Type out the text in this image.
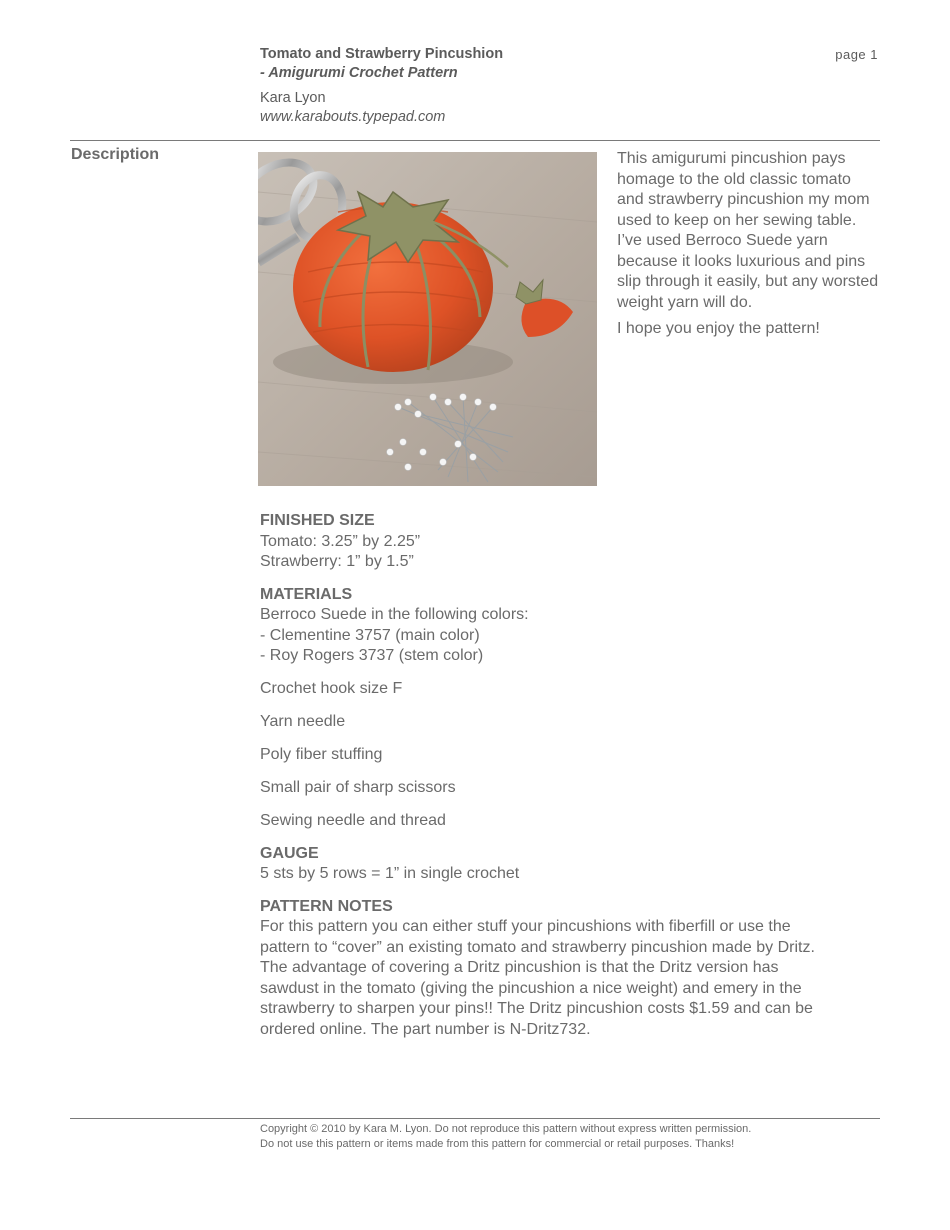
Tomato and Strawberry Pincushion
- Amigurumi Crochet Pattern
Kara Lyon
www.karabouts.typepad.com
page 1
Description	This amigurumi pincushion pays homage to the old classic tomato and strawberry pincushion my mom used to keep on her sewing table. I’ve used Berroco Suede yarn because it looks luxurious and pins slip through it easily, but any worsted weight yarn will do.

I hope you enjoy the pattern!

FINISHED SIZE
Tomato: 3.25” by 2.25”
Strawberry: 1” by 1.5”
MATERIALS
Berroco Suede in the following colors:
- Clementine 3757 (main color)
- Roy Rogers 3737 (stem color)
Crochet hook size F
Yarn needle
Poly fiber stuffing
Small pair of sharp scissors
Sewing needle and thread
GAUGE
5 sts by 5 rows = 1” in single crochet
PATTERN NOTES
For this pattern you can either stuff your pincushions with fiberfill or use the
pattern to “cover” an existing tomato and strawberry pincushion made by Dritz.
The advantage of covering a Dritz pincushion is that the Dritz version has
sawdust in the tomato (giving the pincushion a nice weight) and emery in the
strawberry to sharpen your pins!! The Dritz pincushion costs $1.59 and can be
ordered online. The part number is N-Dritz732.
Copyright © 2010 by Kara M. Lyon. Do not reproduce this pattern without express written permission.
Do not use this pattern or items made from this pattern for commercial or retail purposes. Thanks!
